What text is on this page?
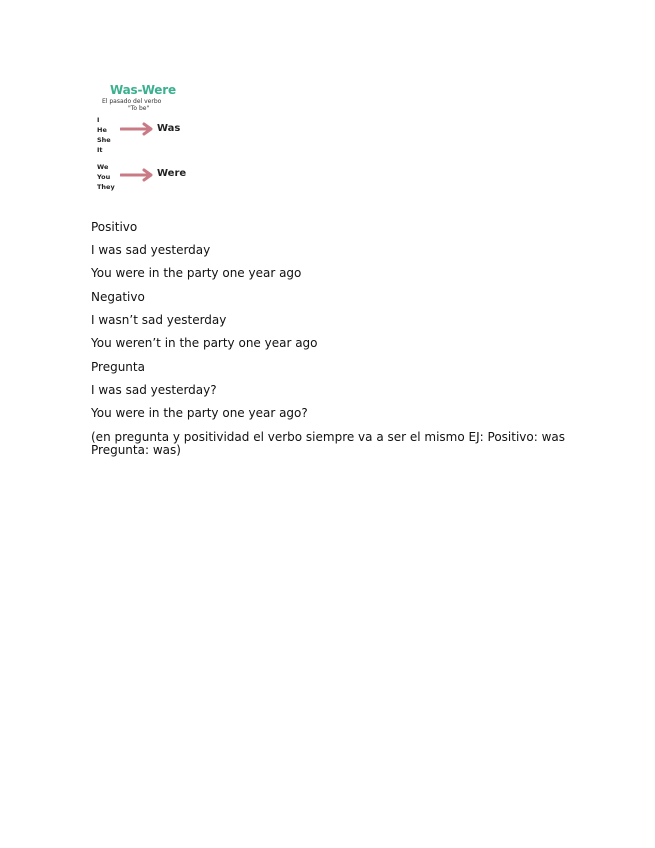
Was-Were
El pasado del verbo
"To be"
I
He
She
It
Was
We
You
They
Were
Positivo
I was sad yesterday
You were in the party one year ago
Negativo
I wasn’t sad yesterday
You weren’t in the party one year ago
Pregunta
I was sad yesterday?
You were in the party one year ago?
(en pregunta y positividad el verbo siempre va a ser el mismo EJ: Positivo: was Pregunta: was)
